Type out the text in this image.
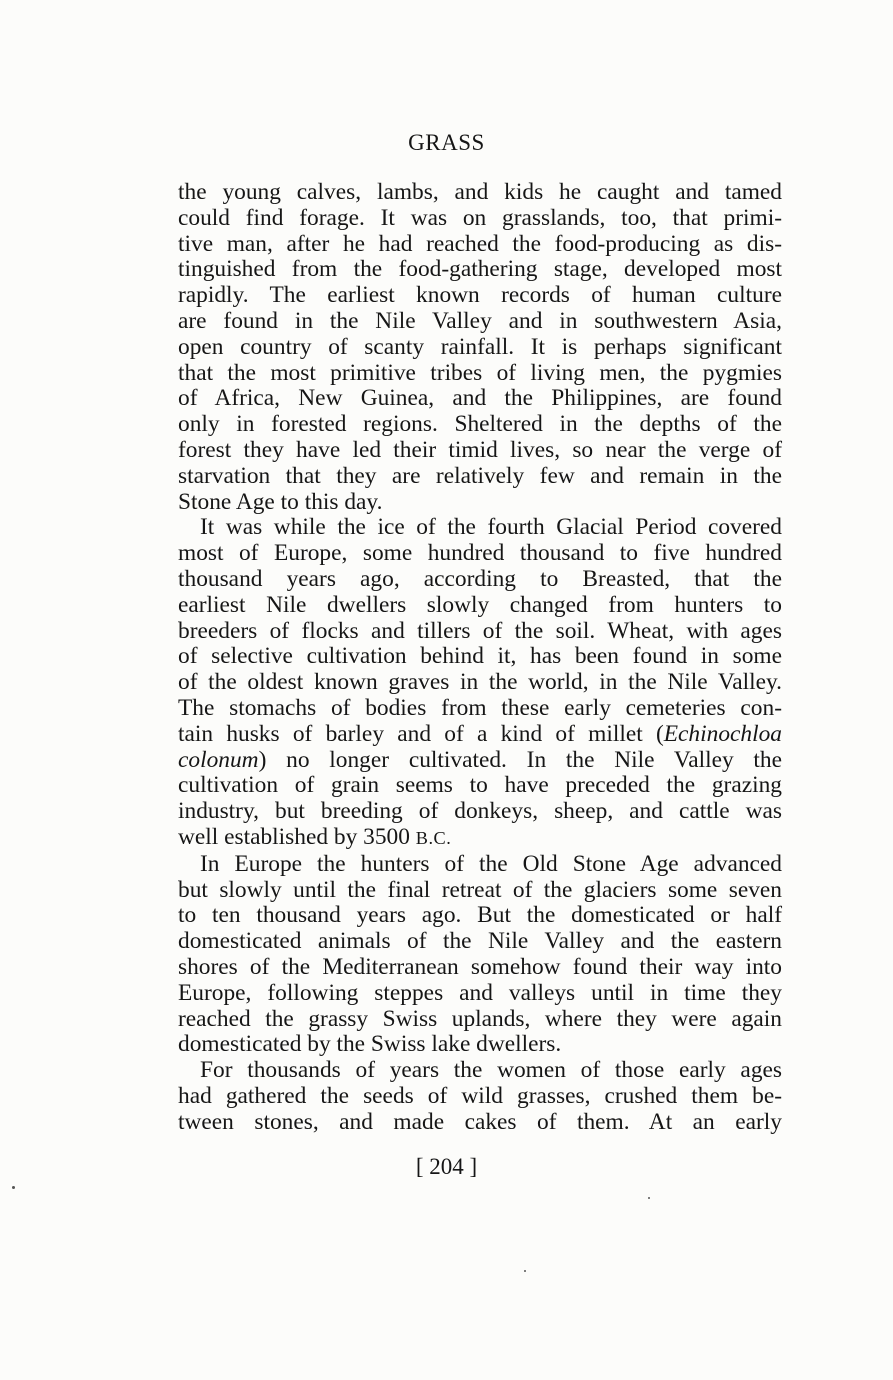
GRASS
the young calves, lambs, and kids he caught and tamed
could find forage. It was on grasslands, too, that primi-
tive man, after he had reached the food-producing as dis-
tinguished from the food-gathering stage, developed most
rapidly. The earliest known records of human culture
are found in the Nile Valley and in southwestern Asia,
open country of scanty rainfall. It is perhaps significant
that the most primitive tribes of living men, the pygmies
of Africa, New Guinea, and the Philippines, are found
only in forested regions. Sheltered in the depths of the
forest they have led their timid lives, so near the verge of
starvation that they are relatively few and remain in the
Stone Age to this day.
It was while the ice of the fourth Glacial Period covered
most of Europe, some hundred thousand to five hundred
thousand years ago, according to Breasted, that the
earliest Nile dwellers slowly changed from hunters to
breeders of flocks and tillers of the soil. Wheat, with ages
of selective cultivation behind it, has been found in some
of the oldest known graves in the world, in the Nile Valley.
The stomachs of bodies from these early cemeteries con-
tain husks of barley and of a kind of millet (Echinochloa
colonum) no longer cultivated. In the Nile Valley the
cultivation of grain seems to have preceded the grazing
industry, but breeding of donkeys, sheep, and cattle was
well established by 3500 B.C.
In Europe the hunters of the Old Stone Age advanced
but slowly until the final retreat of the glaciers some seven
to ten thousand years ago. But the domesticated or half
domesticated animals of the Nile Valley and the eastern
shores of the Mediterranean somehow found their way into
Europe, following steppes and valleys until in time they
reached the grassy Swiss uplands, where they were again
domesticated by the Swiss lake dwellers.
For thousands of years the women of those early ages
had gathered the seeds of wild grasses, crushed them be-
tween stones, and made cakes of them. At an early
[ 204 ]
